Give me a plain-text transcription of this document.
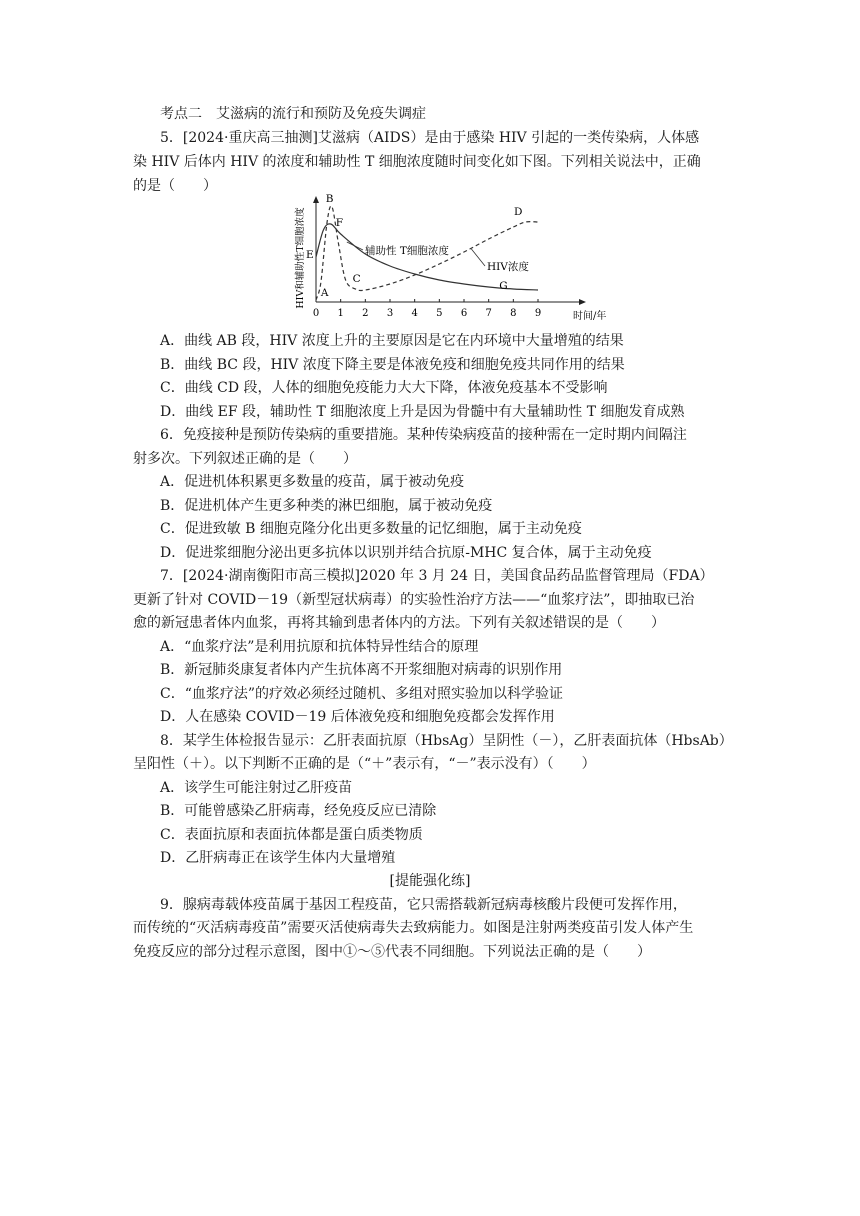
考点二　艾滋病的流行和预防及免疫失调症
5．[2024·重庆高三抽测]艾滋病（AIDS）是由于感染 HIV 引起的一类传染病，人体感
染 HIV 后体内 HIV 的浓度和辅助性 T 细胞浓度随时间变化如下图。下列相关说法中，正确
的是（　　）
HIV和辅助性T细胞浓度
0 1 2 3 4 5 6 7 8 9
A
B
C
D
E
F
G
时间/年
辅助性 T细胞浓度
HIV浓度
A．曲线 AB 段，HIV 浓度上升的主要原因是它在内环境中大量增殖的结果
B．曲线 BC 段，HIV 浓度下降主要是体液免疫和细胞免疫共同作用的结果
C．曲线 CD 段，人体的细胞免疫能力大大下降，体液免疫基本不受影响
D．曲线 EF 段，辅助性 T 细胞浓度上升是因为骨髓中有大量辅助性 T 细胞发育成熟
6．免疫接种是预防传染病的重要措施。某种传染病疫苗的接种需在一定时期内间隔注
射多次。下列叙述正确的是（　　）
A．促进机体积累更多数量的疫苗，属于被动免疫
B．促进机体产生更多种类的淋巴细胞，属于被动免疫
C．促进致敏 B 细胞克隆分化出更多数量的记忆细胞，属于主动免疫
D．促进浆细胞分泌出更多抗体以识别并结合抗原-MHC 复合体，属于主动免疫
7．[2024·湖南衡阳市高三模拟]2020 年 3 月 24 日，美国食品药品监督管理局（FDA）
更新了针对 COVID－19（新型冠状病毒）的实验性治疗方法——“血浆疗法”，即抽取已治
愈的新冠患者体内血浆，再将其输到患者体内的方法。下列有关叙述错误的是（　　）
A．“血浆疗法”是利用抗原和抗体特异性结合的原理
B．新冠肺炎康复者体内产生抗体离不开浆细胞对病毒的识别作用
C．“血浆疗法”的疗效必须经过随机、多组对照实验加以科学验证
D．人在感染 COVID－19 后体液免疫和细胞免疫都会发挥作用
8．某学生体检报告显示：乙肝表面抗原（HbsAg）呈阴性（－），乙肝表面抗体（HbsAb）
呈阳性（＋）。以下判断不正确的是（“＋”表示有，“－”表示没有）（　　）
A．该学生可能注射过乙肝疫苗
B．可能曾感染乙肝病毒，经免疫反应已清除
C．表面抗原和表面抗体都是蛋白质类物质
D．乙肝病毒正在该学生体内大量增殖
[提能强化练]
9．腺病毒载体疫苗属于基因工程疫苗，它只需搭载新冠病毒核酸片段便可发挥作用，
而传统的“灭活病毒疫苗”需要灭活使病毒失去致病能力。如图是注射两类疫苗引发人体产生
免疫反应的部分过程示意图，图中①～⑤代表不同细胞。下列说法正确的是（　　）
